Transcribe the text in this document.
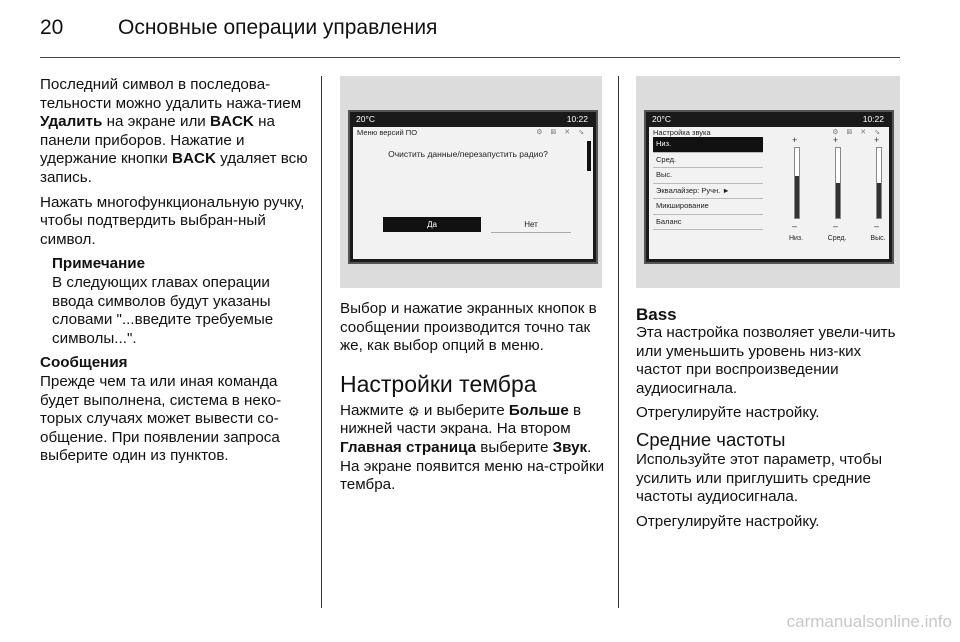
20	Основные операции управления

Последний символ в последова-тельности можно удалить нажа-тием Удалить на экране или BACK на панели приборов. Нажатие и удержание кнопки BACK удаляет всю запись.

Нажать многофункциональную ручку, чтобы подтвердить выбран-ный символ.

Примечание
В следующих главах операции ввода символов будут указаны словами "...введите требуемые символы...".
Сообщения

Прежде чем та или иная команда будет выполнена, система в неко-торых случаях может вывести со-общение. При появлении запроса выберите один из пунктов.

20°C	10:22
Меню версий ПО	⚙ ⊠ ✕ ⇘
Очистить данные/перезапустить радио?
Да	Нет
20°C	10:22
Настройка звука	⚙ ⊠ ✕ ⇘
Низ.
Сред.
Выс.
Эквалайзер: Ручн. ►
Микширование
Баланс
+
–
+
–
+
–
Низ.	Сред.	Выс.

Выбор и нажатие экранных кнопок в сообщении производится точно так же, как выбор опций в меню.

Настройки тембра

Нажмите ⚙ и выберите Больше в нижней части экрана. На втором Главная страница выберите Звук. На экране появится меню на-стройки тембра.

Bass

Эта настройка позволяет увели-чить или уменьшить уровень низ-ких частот при воспроизведении аудиосигнала.

Отрегулируйте настройку.

Средние частоты

Используйте этот параметр, чтобы усилить или приглушить средние частоты аудиосигнала.

Отрегулируйте настройку.

carmanualsonline.info
